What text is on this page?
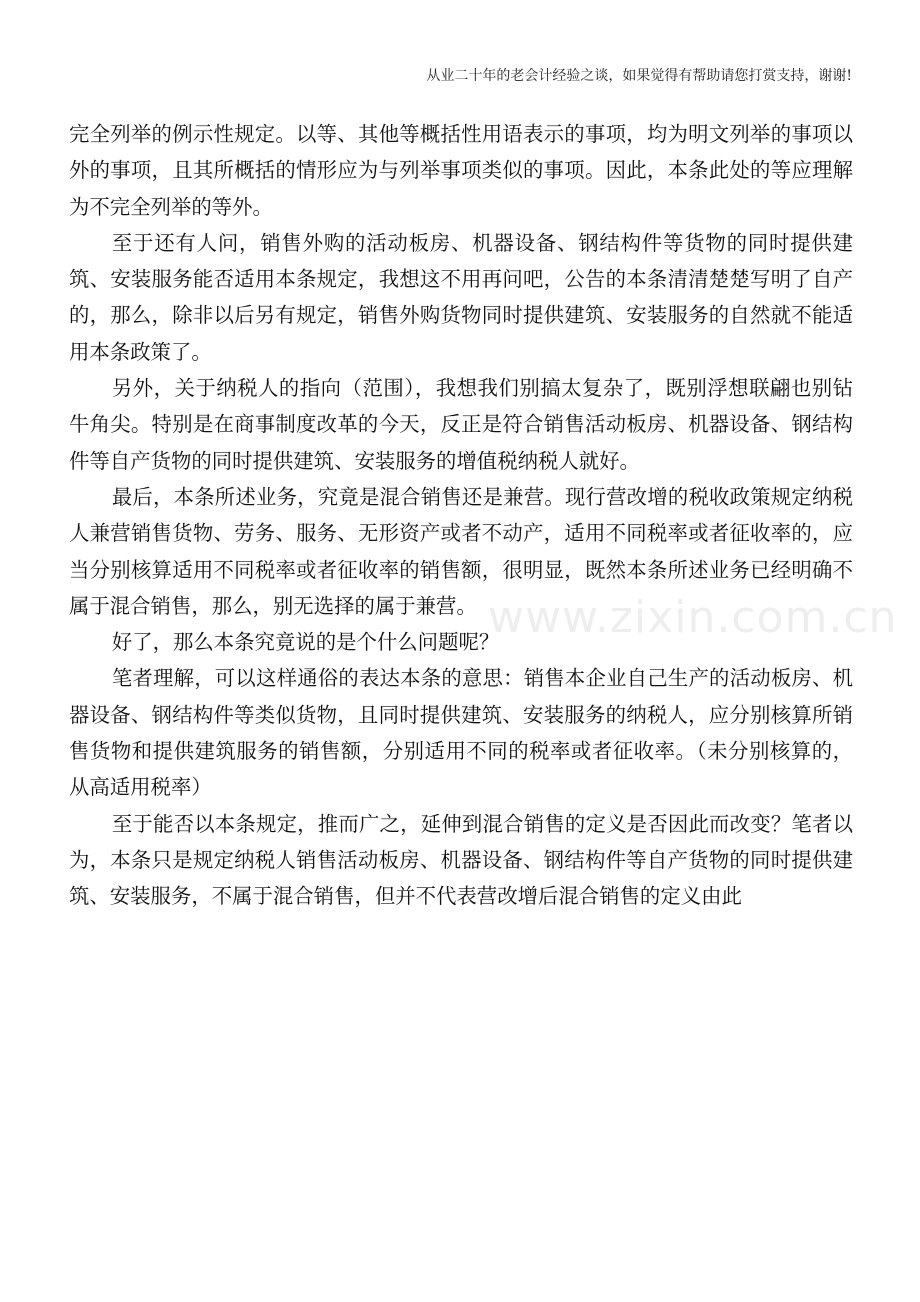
从业二十年的老会计经验之谈，如果觉得有帮助请您打赏支持，谢谢!
www.zixin.com.cn

完全列举的例示性规定。以等、其他等概括性用语表示的事项，均为明文列举的事项以外的事项，且其所概括的情形应为与列举事项类似的事项。因此，本条此处的等应理解为不完全列举的等外。

至于还有人问，销售外购的活动板房、机器设备、钢结构件等货物的同时提供建筑、安装服务能否适用本条规定，我想这不用再问吧，公告的本条清清楚楚写明了自产的，那么，除非以后另有规定，销售外购货物同时提供建筑、安装服务的自然就不能适用本条政策了。

另外，关于纳税人的指向（范围），我想我们别搞太复杂了，既别浮想联翩也别钻牛角尖。特别是在商事制度改革的今天，反正是符合销售活动板房、机器设备、钢结构件等自产货物的同时提供建筑、安装服务的增值税纳税人就好。

最后，本条所述业务，究竟是混合销售还是兼营。现行营改增的税收政策规定纳税人兼营销售货物、劳务、服务、无形资产或者不动产，适用不同税率或者征收率的，应当分别核算适用不同税率或者征收率的销售额，很明显，既然本条所述业务已经明确不属于混合销售，那么，别无选择的属于兼营。

好了，那么本条究竟说的是个什么问题呢？

笔者理解，可以这样通俗的表达本条的意思：销售本企业自己生产的活动板房、机器设备、钢结构件等类似货物，且同时提供建筑、安装服务的纳税人，应分别核算所销售货物和提供建筑服务的销售额，分别适用不同的税率或者征收率。（未分别核算的，从高适用税率）

至于能否以本条规定，推而广之，延伸到混合销售的定义是否因此而改变？笔者以为，本条只是规定纳税人销售活动板房、机器设备、钢结构件等自产货物的同时提供建筑、安装服务，不属于混合销售，但并不代表营改增后混合销售的定义由此
